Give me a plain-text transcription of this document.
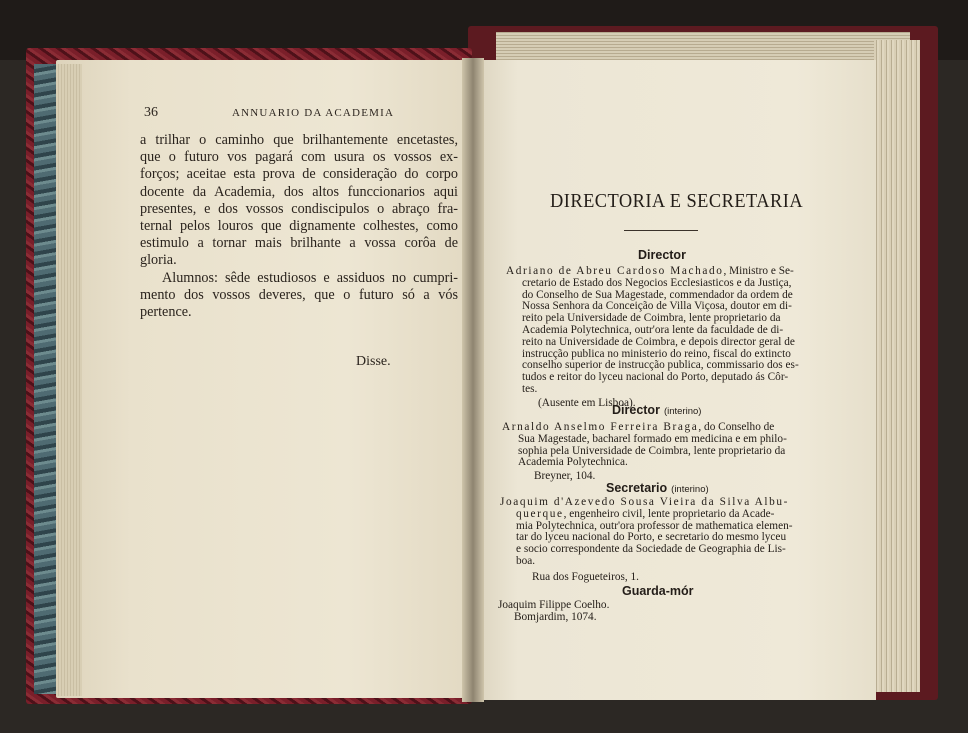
36	ANNUARIO DA ACADEMIA
a trilhar o caminho que brilhantemente encetastes,
que o futuro vos pagará com usura os vossos ex-
forços; aceitae esta prova de consideração do corpo
docente da Academia, dos altos funccionarios aqui
presentes, e dos vossos condiscipulos o abraço fra-
ternal pelos louros que dignamente colhestes, como
estimulo a tornar mais brilhante a vossa corôa de
gloria.
Alumnos: sêde estudiosos e assiduos no cumpri-
mento dos vossos deveres, que o futuro só a vós
pertence.
Disse.
DIRECTORIA E SECRETARIA
Director
Adriano de Abreu Cardoso Machado, Ministro e Se-
cretario de Estado dos Negocios Ecclesiasticos e da Justiça,
do Conselho de Sua Magestade, commendador da ordem de
Nossa Senhora da Conceição de Villa Viçosa, doutor em di-
reito pela Universidade de Coimbra, lente proprietario da
Academia Polytechnica, outr'ora lente da faculdade de di-
reito na Universidade de Coimbra, e depois director geral de
instrucção publica no ministerio do reino, fiscal do extincto
conselho superior de instrucção publica, commissario dos es-
tudos e reitor do lyceu nacional do Porto, deputado ás Côr-
tes.
(Ausente em Lisboa).
Director (interino)
Arnaldo Anselmo Ferreira Braga, do Conselho de
Sua Magestade, bacharel formado em medicina e em philo-
sophia pela Universidade de Coimbra, lente proprietario da
Academia Polytechnica.
Breyner, 104.
Secretario (interino)
Joaquim d'Azevedo Sousa Vieira da Silva Albu-
querque, engenheiro civil, lente proprietario da Acade-
mia Polytechnica, outr'ora professor de mathematica elemen-
tar do lyceu nacional do Porto, e secretario do mesmo lyceu
e socio correspondente da Sociedade de Geographia de Lis-
boa.
Rua dos Fogueteiros, 1.
Guarda-mór
Joaquim Filippe Coelho.
Bomjardim, 1074.
